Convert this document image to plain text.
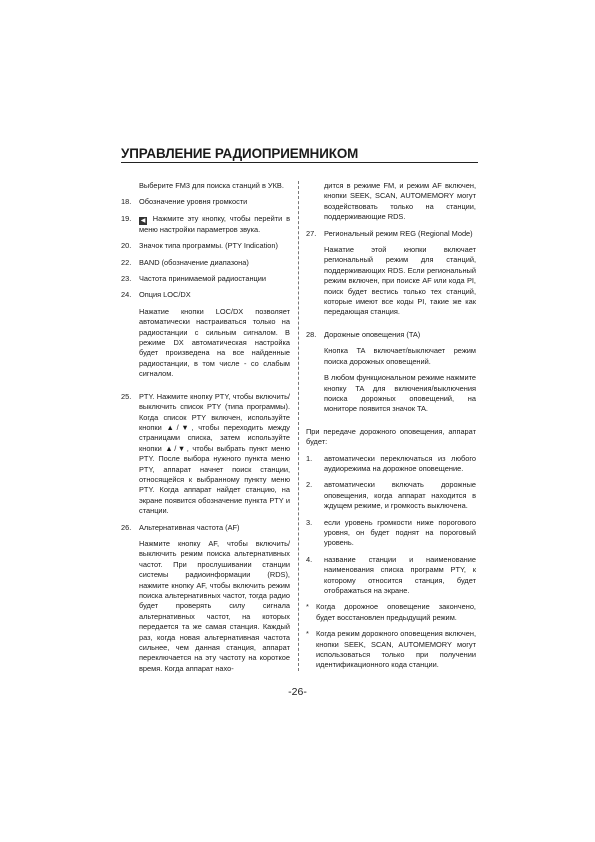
УПРАВЛЕНИЕ РАДИОПРИЕМНИКОМ

Выберите FM3 для поиска станций в УКВ.

18.	Обозначение уровня громкости
19.	◀ Нажмите эту кнопку, чтобы перейти в меню настройки параметров звука.
20.	Значок типа программы. (PTY Indication)
22.	BAND (обозначение диапазона)
23.	Частота принимаемой радиостанции
24.	Опция LOC/DX

Нажатие кнопки LOC/DX позволяет автоматически настраиваться только на радиостанции с сильным сигналом. В режиме DX автоматическая настройка будет произведена на все найденные радиостанции, в том числе - со слабым сигналом.

25.	PTY. Нажмите кнопку PTY, чтобы включить/выключить список PTY (типа программы). Когда список PTY включен, используйте кнопки ▲/▼, чтобы переходить между страницами списка, затем используйте кнопки ▲/▼, чтобы выбрать пункт меню PTY. После выбора нужного пункта меню PTY, аппарат начнет поиск станции, относящейся к выбранному пункту меню PTY. Когда аппарат найдет станцию, на экране появится обозначение пункта PTY и станции.
26.	Альтернативная частота (AF)

Нажмите кнопку AF, чтобы включить/выключить режим поиска альтернативных частот. При прослушивании станции системы радиоинформации (RDS), нажмите кнопку AF, чтобы включить режим поиска альтернативных частот, тогда радио будет проверять силу сигнала альтернативных частот, на которых передается та же самая станция. Каждый раз, когда новая альтернативная частота сильнее, чем данная станция, аппарат переключается на эту частоту на короткое время. Когда аппарат нахо-

дится в режиме FM, и режим AF включен, кнопки SEEK, SCAN, AUTOMEMORY могут воздействовать только на станции, поддерживающие RDS.

27.	Региональный режим REG (Regional Mode)

Нажатие этой кнопки включает региональный режим для станций, поддерживающих RDS. Если региональный режим включен, при поиске AF или кода PI, поиск будет вестись только тех станций, которые имеют все коды PI, такие же как передающая станция.

28.	Дорожные оповещения (TA)

Кнопка TA включает/выключает режим поиска дорожных оповещений.

В любом функциональном режиме нажмите кнопку TA для включения/выключения поиска дорожных оповещений, на мониторе появится значок TA.

При передаче дорожного оповещения, аппарат будет:

1.	автоматически переключаться из любого аудиорежима на дорожное оповещение.
2.	автоматически включать дорожные оповещения, когда аппарат находится в ждущем режиме, и громкость выключена.
3.	если уровень громкости ниже порогового уровня, он будет поднят на пороговый уровень.
4.	название станции и наименование наименования списка программ PTY, к которому относится станция, будет отображаться на экране.
* Когда дорожное оповещение закончено, будет восстановлен предыдущий режим.
* Когда режим дорожного оповещения включен, кнопки SEEK, SCAN, AUTOMEMORY могут использоваться только при получении идентификационного кода станции.
-26-
